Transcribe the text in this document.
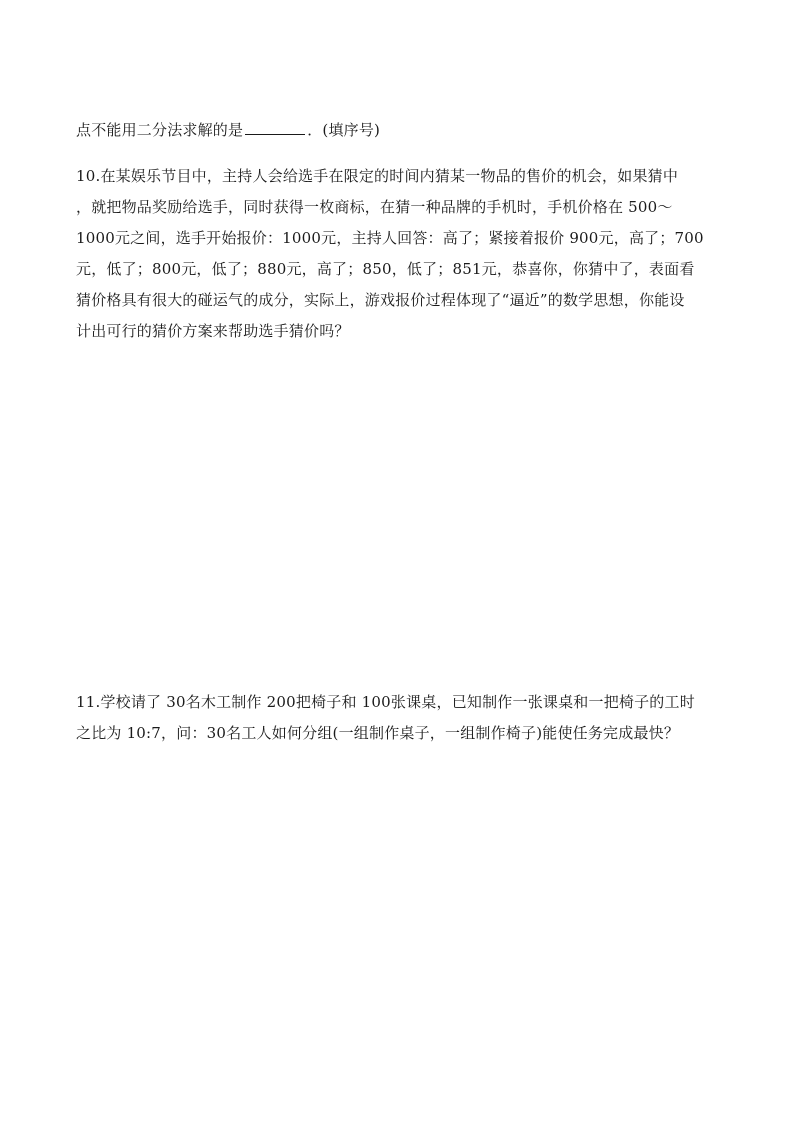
点不能用二分法求解的是	．(填序号)
10.在某娱乐节目中，主持人会给选手在限定的时间内猜某一物品的售价的机会，如果猜中
，就把物品奖励给选手，同时获得一枚商标，在猜一种品牌的手机时，手机价格在 500～
1000元之间，选手开始报价：1000元，主持人回答：高了；紧接着报价 900元，高了；700
元，低了；800元，低了；880元，高了；850，低了；851元，恭喜你，你猜中了，表面看
猜价格具有很大的碰运气的成分，实际上，游戏报价过程体现了“逼近”的数学思想，你能设
计出可行的猜价方案来帮助选手猜价吗？
11.学校请了 30名木工制作 200把椅子和 100张课桌，已知制作一张课桌和一把椅子的工时
之比为 10:7，问：30名工人如何分组(一组制作桌子，一组制作椅子)能使任务完成最快？
